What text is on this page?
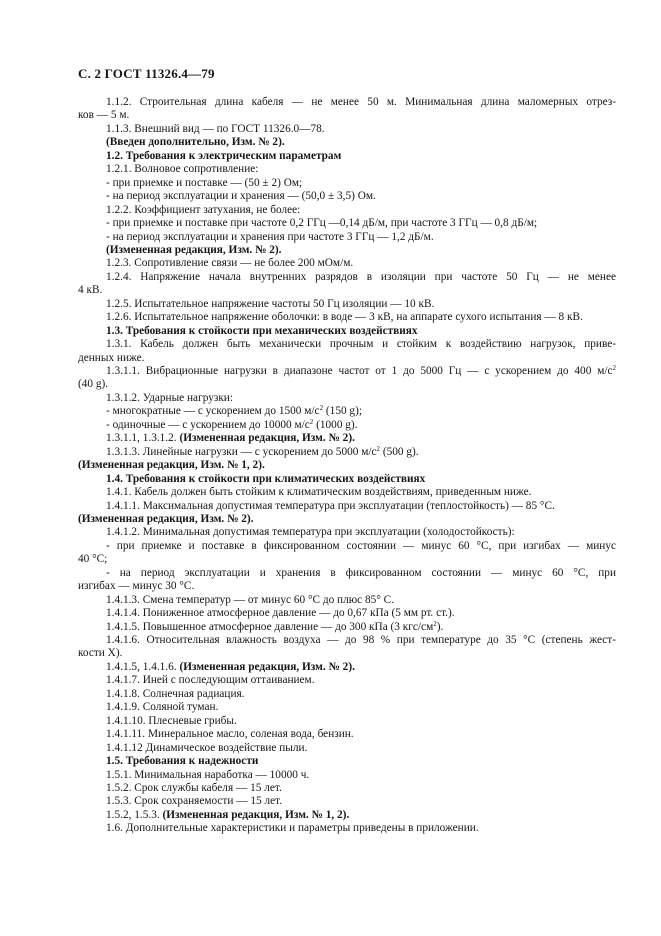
С. 2 ГОСТ 11326.4—79
1.1.2. Строительная длина кабеля — не менее 50 м. Минимальная длина маломерных отрез-
ков — 5 м.
1.1.3. Внешний вид — по ГОСТ 11326.0—78.
(Введен дополнительно, Изм. № 2).
1.2. Требования к электрическим параметрам
1.2.1. Волновое сопротивление:
- при приемке и поставке — (50 ± 2) Ом;
- на период эксплуатации и хранения — (50,0 ± 3,5) Ом.
1.2.2. Коэффициент затухания, не более:
- при приемке и поставке при частоте 0,2 ГГц —0,14 дБ/м, при частоте 3 ГГц — 0,8 дБ/м;
- на период эксплуатации и хранения при частоте 3 ГГц — 1,2 дБ/м.
(Измененная редакция, Изм. № 2).
1.2.3. Сопротивление связи — не более 200 мОм/м.
1.2.4. Напряжение начала внутренних разрядов в изоляции при частоте 50 Гц — не менее
4 кВ.
1.2.5. Испытательное напряжение частоты 50 Гц изоляции — 10 кВ.
1.2.6. Испытательное напряжение оболочки: в воде — 3 кВ, на аппарате сухого испытания — 8 кВ.
1.3. Требования к стойкости при механических воздействиях
1.3.1. Кабель должен быть механически прочным и стойким к воздействию нагрузок, приве-
денных ниже.
1.3.1.1. Вибрационные нагрузки в диапазоне частот от 1 до 5000 Гц — с ускорением до 400 $м/с^2$
(40 g).
1.3.1.2. Ударные нагрузки:
- многократные — с ускорением до 1500 $м/с^2$ (150 g);
- одиночные — с ускорением до 10000 $м/с^2$ (1000 g).
1.3.1.1, 1.3.1.2. (Измененная редакция, Изм. № 2).
1.3.1.3. Линейные нагрузки — с ускорением до 5000 $м/с^2$ (500 g).
(Измененная редакция, Изм. № 1, 2).
1.4. Требования к стойкости при климатических воздействиях
1.4.1. Кабель должен быть стойким к климатическим воздействиям, приведенным ниже.
1.4.1.1. Максимальная допустимая температура при эксплуатации (теплостойкость) — 85 °С.
(Измененная редакция, Изм. № 2).
1.4.1.2. Минимальная допустимая температура при эксплуатации (холодостойкость):
- при приемке и поставке в фиксированном состоянии — минус 60 °С, при изгибах — минус
40 °С;
- на период эксплуатации и хранения в фиксированном состоянии — минус 60 °С, при
изгибах — минус 30 °С.
1.4.1.3. Смена температур — от минус 60 °С до плюс 85° С.
1.4.1.4. Пониженное атмосферное давление — до 0,67 кПа (5 мм рт. ст.).
1.4.1.5. Повышенное атмосферное давление — до 300 кПа (3 кгс/$см^2$).
1.4.1.6. Относительная влажность воздуха — до 98 % при температуре до 35 °С (степень жест-
кости X).
1.4.1.5, 1.4.1.6. (Измененная редакция, Изм. № 2).
1.4.1.7. Иней с последующим оттаиванием.
1.4.1.8. Солнечная радиация.
1.4.1.9. Соляной туман.
1.4.1.10. Плесневые грибы.
1.4.1.11. Минеральное масло, соленая вода, бензин.
1.4.1.12 Динамическое воздействие пыли.
1.5. Требования к надежности
1.5.1. Минимальная наработка — 10000 ч.
1.5.2. Срок службы кабеля — 15 лет.
1.5.3. Срок сохраняемости — 15 лет.
1.5.2, 1.5.3. (Измененная редакция, Изм. № 1, 2).
1.6. Дополнительные характеристики и параметры приведены в приложении.
